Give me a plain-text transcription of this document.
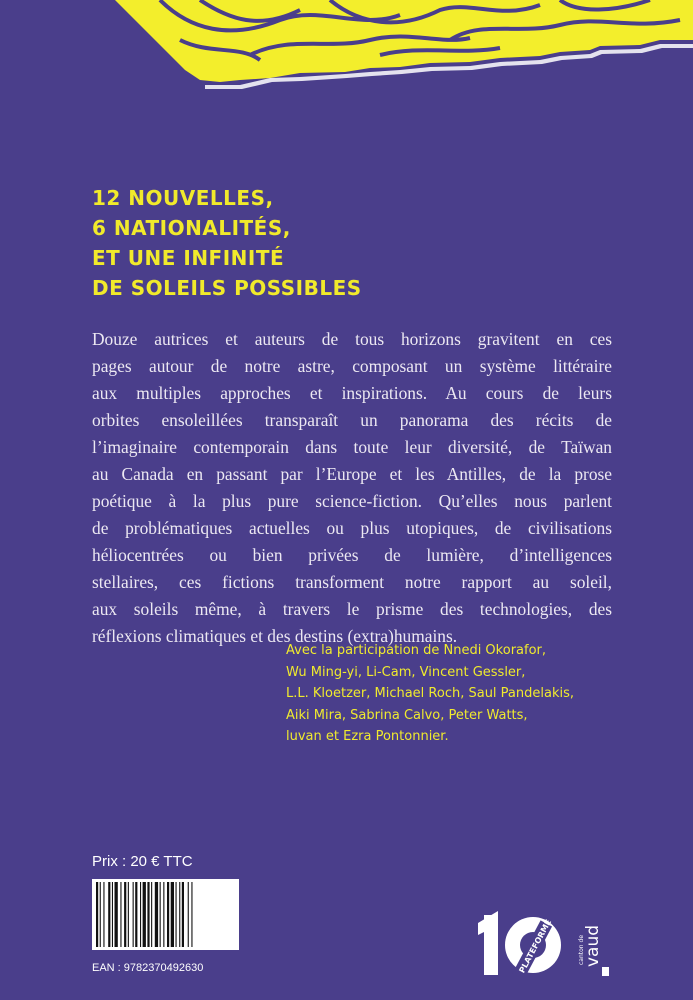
12 NOUVELLES,
6 NATIONALITÉS,
ET UNE INFINITÉ
DE SOLEILS POSSIBLES
Douze autrices et auteurs de tous horizons gravitent en ces
pages autour de notre astre, composant un système littéraire
aux multiples approches et inspirations. Au cours de leurs
orbites ensoleillées transparaît un panorama des récits de
l’imaginaire contemporain dans toute leur diversité, de Taïwan
au Canada en passant par l’Europe et les Antilles, de la prose
poétique à la plus pure science-fiction. Qu’elles nous parlent
de problématiques actuelles ou plus utopiques, de civilisations
héliocentrées ou bien privées de lumière, d’intelligences
stellaires, ces fictions transforment notre rapport au soleil,
aux soleils même, à travers le prisme des technologies, des
réflexions climatiques et des destins (extra)humains.
Avec la participation de Nnedi Okorafor,
Wu Ming-yi, Li-Cam, Vincent Gessler,
L.L. Kloetzer, Michael Roch, Saul Pandelakis,
Aiki Mira, Sabrina Calvo, Peter Watts,
luvan et Ezra Pontonnier.
Prix : 20 € TTC
EAN : 9782370492630	PLATEFORME vaud
canton de
